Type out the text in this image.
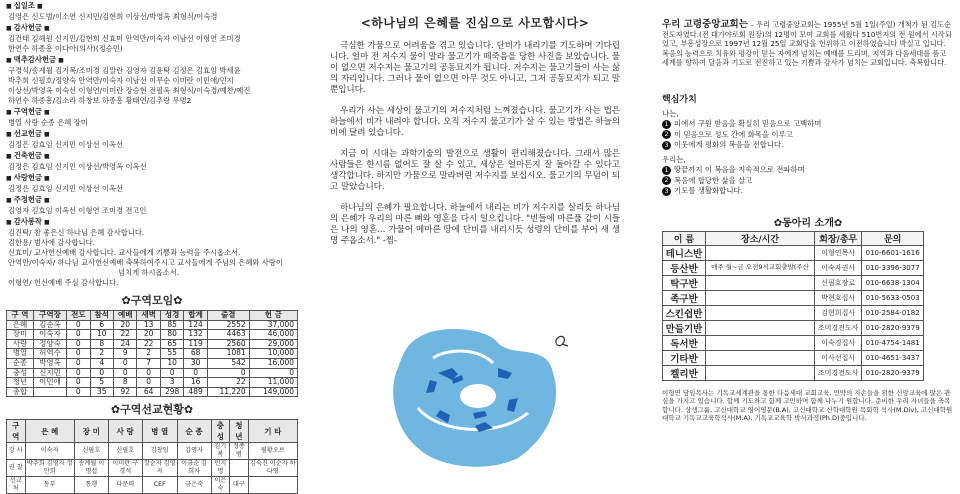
■ 십일조 ■
김영은 신도범/이소연 신지민/김현희 이상선/박영옥 최형식/이숙경
■ 감사헌금 ■
김건태 김해원 신지민/김현희 신효미 안역만/이숙자 이남선 이형연 조미경
한연수 하종흥 이다아(의사)(정승민)
■ 맥추감사헌금 ■
구경석/송계월 김기복/조미경 김말란 김영자 김윤탁 김정은 김효임 박세윤
박추희 신필호/정양숙 안역만/이숙자 이남선 이무순 이미란 이민애/민지
이상선/박영옥 이숙선 이형연/이미란 장승현 전필옥 최형식/이숙경/예찬/예진
하연수 하종흥/김소라 하창보 하종흥 황태연/김추랑 무명2
■ 구역헌금 ■
병열 사랑 순종 은혜 장미
■ 선교헌금 ■
김정은 김효임 신지민 이상선 이옥선
■ 건축헌금 ■
김정은 김효임 신지민 이상선/박영옥 이옥선
■ 사랑헌금 ■
김정은 김효임 신지민 이상선 이옥선
■ 주정헌금 ■
김영자 김효임 이옥선 이형연 조미경 전고인
■ 감사봉작 ■
김진탁/ 참 좋은신 하나님 은혜 감사합니다.
김한용/ 범사에 감사합니다.
신효미/ 교사헌신예배 감사합니다. 교사들에게 기쁨과 능력을 주시옵소서.
안역만/이숙자/ 하나님 교사헌신예배 축복하여주시고 교사들에게 주님의 은혜와 사랑이
넘치게 하시옵소서.
이형연/ 헌신예배 주심 감사합니다.
✿구역모임✿
구 역	구역장	전도	참석	예배	새벽	성경	합계	출결	헌 금
은혜	김순옥	0	6	20	13	85	124	2552	37,000
장미	이숙자	0	10	22	20	80	132	4463	46,000
사랑	정양숙	0	8	24	22	65	119	2560	29,000
병열	허역수	0	2	9	2	55	68	1081	10,000
순종	박영옥	0	4	0	7	10	30	542	16,000
충성	신지민	0	0	0	0	0	0	0	0
청년	이민애	0	5	8	0	3	16	22	11,000
총합		0	35	92	64	298	489	11,220	149,000
✿구역선교현황✿
구 역	은 혜	장 미	사 랑	병 열	순 종	충 성	청 년	기 타
강 사	이숙자	신필호	신필호	김창임	김영자	김기복	정종범	필황오브
권 찰	박추희 김영자 정안희	송계월 이명섭	이미란 구경석	장순자 김영자	이금순 김희자	민지명		김숙진 이순자 하다영
선교처	동부	통행	다문력	CEF	금은숙	이은숙	대구	
<하나님의 은혜를 진심으로 사모합시다>
극심한 가뭄으로 어려움을 겪고 있습니다. 단비가 내리기를 기도하며 기다립니다. 얼마 전 저수지 물이 말라 물고기가 떼죽음을 당한 사진을 보았습니다. 물이 없으면 저수지는 물고기의 공동묘지가 됩니다. 저수지는 물고기들이 사는 삶의 자리입니다. 그러나 물이 없으면 아무 것도 아니고, 그저 공동묘지가 되고 말 뿐입니다.
우리가 사는 세상이 물고기의 저수지처럼 느껴졌습니다. 물고기가 사는 법은 하늘에서 비가 내려야 합니다. 오직 저수지 물고기가 살 수 있는 방법은 하늘의 비에 달려 있습니다.
지금 이 시대는 과학기술의 발전으로 생활이 편리해졌습니다. 그래서 많은 사람들은 한시름 없어도 잘 살 수 있고, 세상은 얼마든지 잘 돌아갈 수 있다고 생각합니다. 하지만 가뭄으로 말라버린 저수지를 보십시오. 물고기의 무덤이 되고 말았습니다.
하나님의 은혜가 필요합니다. 하늘에서 내리는 비가 저수지를 살리듯 하나님의 은혜가 우리의 마른 뼈와 영혼을 다시 일으킵니다. "빈들에 마른풀 같이 시들은 나의 영혼… 가물어 메마른 땅에 단비를 내리시듯 성령의 단비를 부어 새 생명 주옵소서." -찜-
우리 고령중앙교회는 – 우리 고령중앙교회는 1955년 5월 1일(주일) 개척가 된 김도순전도자였다.(전 대가야로회 원장)의 12명이 모여 교회를 세웠다 510번지의 전 원에서 시작되었고, 부흥성장으로 1997년 12월 25일 교회당을 헌위하고 이전하였습니다 박실고 입니다. 복음의 능력으로 치유와 평강이 믿는 자에게 넘치는 예배를 드리며, 지역과 다음세대를 품고 세계를 향하여 달음과 기도로 전진하고 있는 기쁨과 감사가 넘치는 교회입니다. 축복합니다.
핵심가치
나는,
1 피에서 구원 받음을 확실히 믿음으로 고백하며
2 이 믿음으로 성도 간에 화목을 이루고
3 이웃에게 평화의 복음을 전합니다.
우리는,
1 땅끝까지 이 복음을 지속적으로 전파하며
2 복음에 합당한 삶을 살고
3 기도를 생활화합니다.
✿동아리 소개✿
이 름	장소/시간	회장/총무	문의
테니스반		이형연목사	010-6601-1616
등산반	매주 월~금 오전9시교회출발(주산	이숙자권사	010-3396-3077
탁구반		신필호장로	010-6638-1304
족구반		박현호집사	010-5633-0503
스킨쉽반		김현희집사	010-2584-0182
만들기반		조미경전도사	010-2820-9379
독서반		이숙경집사	010-4754-1481
기타반		이사선집사	010-4651-3437
켈리반		조미경전도사	010-2820-9379
이형연 담임목사는 기독교세계관을 통한 다음세대 교회교육, 언약의 자손들을 위한 신앙교육에 많은 관심을 가지고 있습니다. 합께 기도하고 함께 고민하며 함께 나누기 원합니다. 준비한 우리 자녀들을 축복합니다. 상생그룹, 고신대학교 영어영문(B.A), 고신대학교 신학대학원 목회학 석사(M.Div), 고신대학원대학교 기독교교육학석사(M.A), 기독교교육학 박사과정(Ph.D)중입니다.
